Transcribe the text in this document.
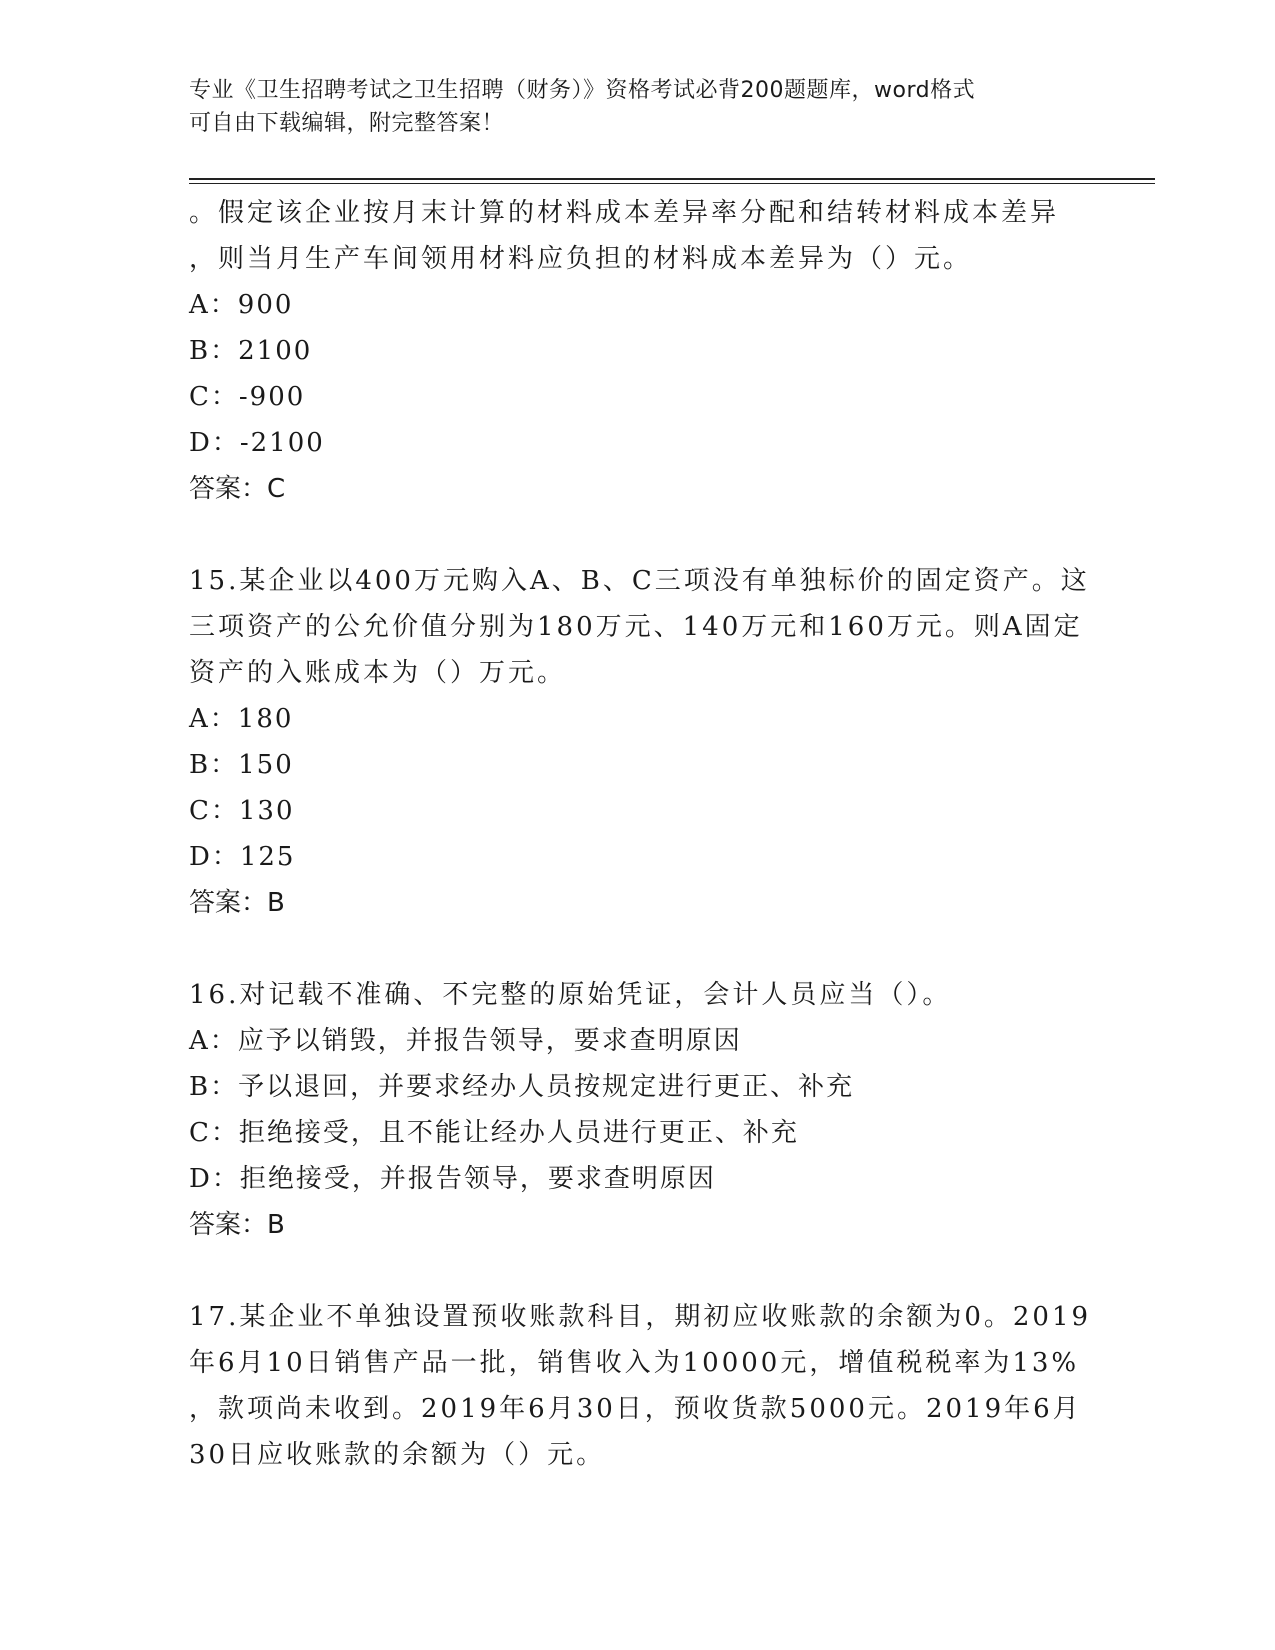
专业《卫生招聘考试之卫生招聘（财务）》资格考试必背200题题库，word格式
可自由下载编辑，附完整答案！
。假定该企业按月末计算的材料成本差异率分配和结转材料成本差异
，则当月生产车间领用材料应负担的材料成本差异为（）元。
A：900
B：2100
C：-900
D：-2100
答案：C
15.某企业以400万元购入A、B、C三项没有单独标价的固定资产。这
三项资产的公允价值分别为180万元、140万元和160万元。则A固定
资产的入账成本为（）万元。
A：180
B：150
C：130
D：125
答案：B
16.对记载不准确、不完整的原始凭证，会计人员应当（）。
A：应予以销毁，并报告领导，要求查明原因
B：予以退回，并要求经办人员按规定进行更正、补充
C：拒绝接受，且不能让经办人员进行更正、补充
D：拒绝接受，并报告领导，要求查明原因
答案：B
17.某企业不单独设置预收账款科目，期初应收账款的余额为0。2019
年6月10日销售产品一批，销售收入为10000元，增值税税率为13%
，款项尚未收到。2019年6月30日，预收货款5000元。2019年6月
30日应收账款的余额为（）元。
